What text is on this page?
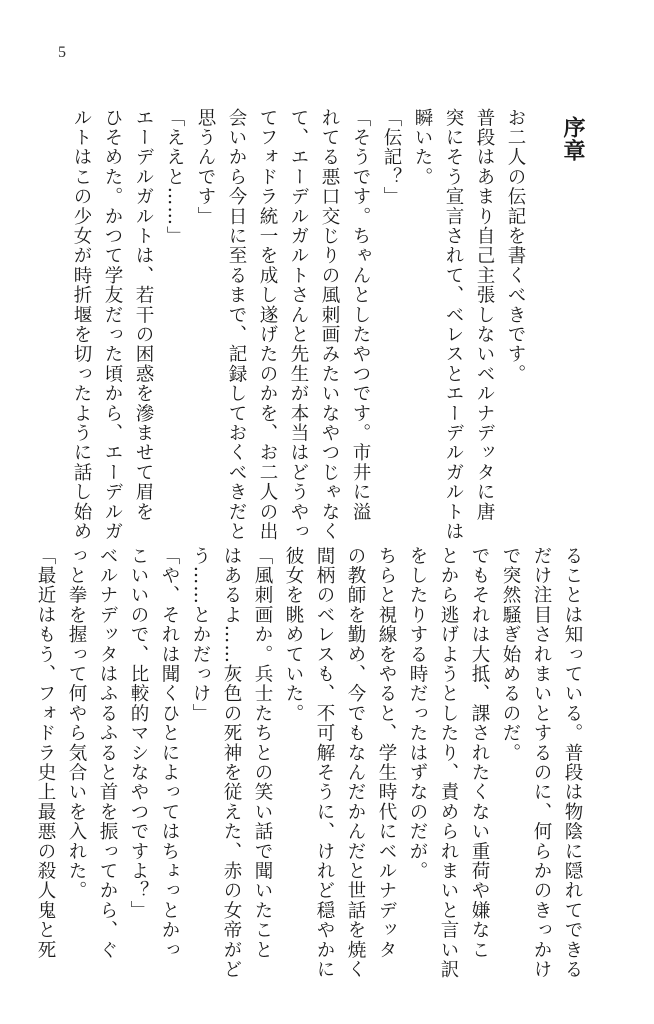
5
序章
お二人の伝記を書くべきです。
普段はあまり自己主張しないベルナデッタに唐
突にそう宣言されて、ベレスとエーデルガルトは
瞬いた。
「伝記？」
「そうです。ちゃんとしたやつです。市井に溢
れてる悪口交じりの風刺画みたいなやつじゃなく
て、エーデルガルトさんと先生が本当はどうやっ
てフォドラ統一を成し遂げたのかを、お二人の出
会いから今日に至るまで、記録しておくべきだと
思うんです」
「ええと……」
エーデルガルトは、若干の困惑を滲ませて眉を
ひそめた。かつて学友だった頃から、エーデルガ
ルトはこの少女が時折堰を切ったように話し始め
ることは知っている。普段は物陰に隠れてできる
だけ注目されまいとするのに、何らかのきっかけ
で突然騒ぎ始めるのだ。
でもそれは大抵、課されたくない重荷や嫌なこ
とから逃げようとしたり、責められまいと言い訳
をしたりする時だったはずなのだが。
ちらと視線をやると、学生時代にベルナデッタ
の教師を勤め、今でもなんだかんだと世話を焼く
間柄のベレスも、不可解そうに、けれど穏やかに
彼女を眺めていた。
「風刺画か。兵士たちとの笑い話で聞いたこと
はあるよ……灰色の死神を従えた、赤の女帝がど
う……とかだっけ」
「や、それは聞くひとによってはちょっとかっ
こいいので、比較的マシなやつですよ？」
ベルナデッタはふるふると首を振ってから、ぐ
っと拳を握って何やら気合いを入れた。
「最近はもう、フォドラ史上最悪の殺人鬼と死
